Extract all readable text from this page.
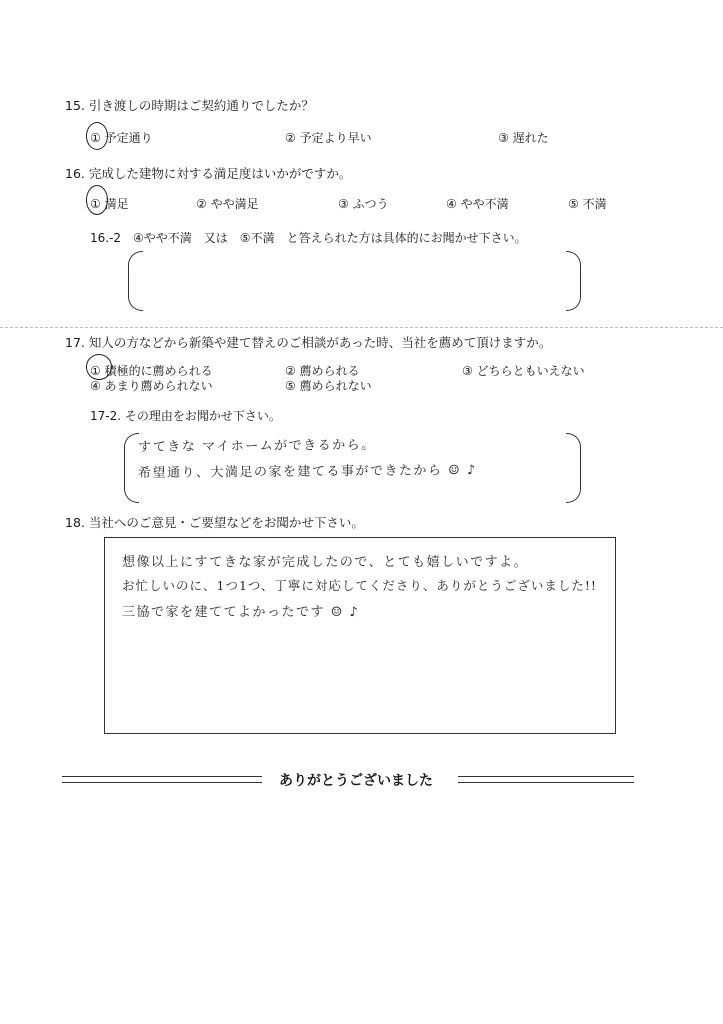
15. 引き渡しの時期はご契約通りでしたか？
① 予定通り	② 予定より早い	③ 遅れた
16. 完成した建物に対する満足度はいかがですか。
① 満足	② やや満足	③ ふつう	④ やや不満	⑤ 不満
16.-2　④やや不満　又は　⑤不満　と答えられた方は具体的にお聞かせ下さい。
17. 知人の方などから新築や建て替えのご相談があった時、当社を薦めて頂けますか。
① 積極的に薦められる	② 薦められる	③ どちらともいえない
④ あまり薦められない	⑤ 薦められない
17-2. その理由をお聞かせ下さい。
すてきな マイホームができるから。
希望通り、大満足の家を建てる事ができたから ☺ ♪
18. 当社へのご意見・ご要望などをお聞かせ下さい。
想像以上にすてきな家が完成したので、とても嬉しいですよ。
お忙しいのに、1つ1つ、丁寧に対応してくださり、ありがとうございました!!
三協で家を建ててよかったです ☺ ♪
ありがとうございました
